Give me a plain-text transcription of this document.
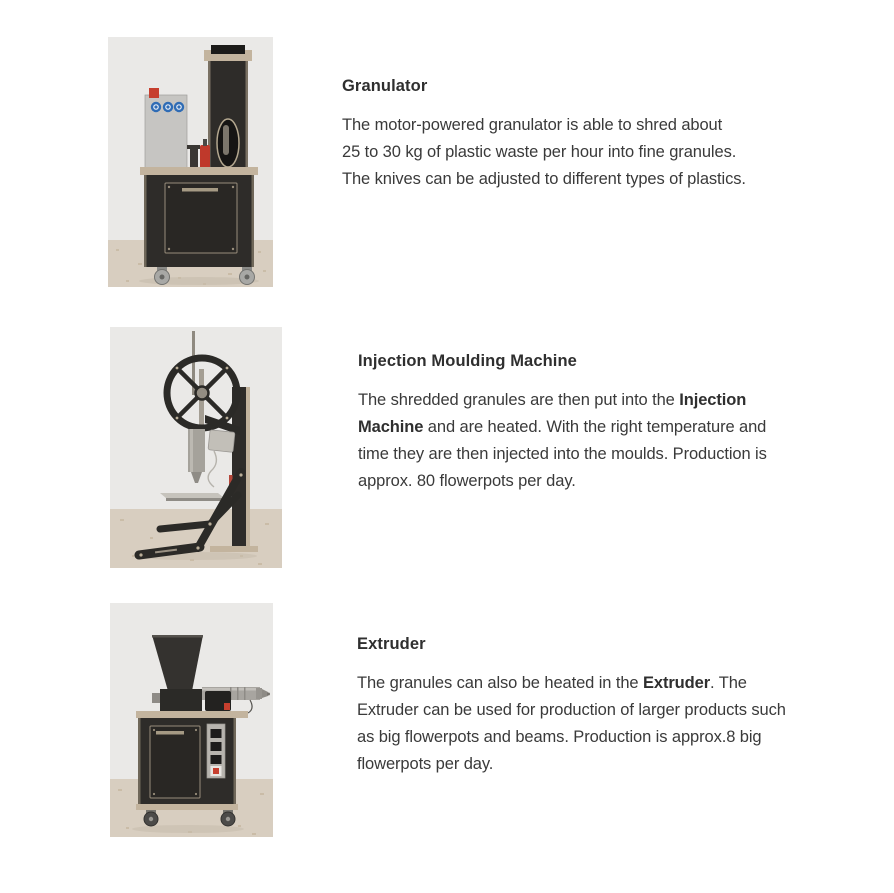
Granulator
The motor-powered granulator is able to shred about
25 to 30 kg of plastic waste per hour into fine granules.
The knives can be adjusted to different types of plastics.
Injection Moulding Machine
The shredded granules are then put into the Injection
Machine and are heated. With the right temperature and
time they are then injected into the moulds. Production is
approx. 80 flowerpots per day.
Extruder
The granules can also be heated in the Extruder. The
Extruder can be used for production of larger products such
as big flowerpots and beams. Production is approx.8 big
flowerpots per day.
